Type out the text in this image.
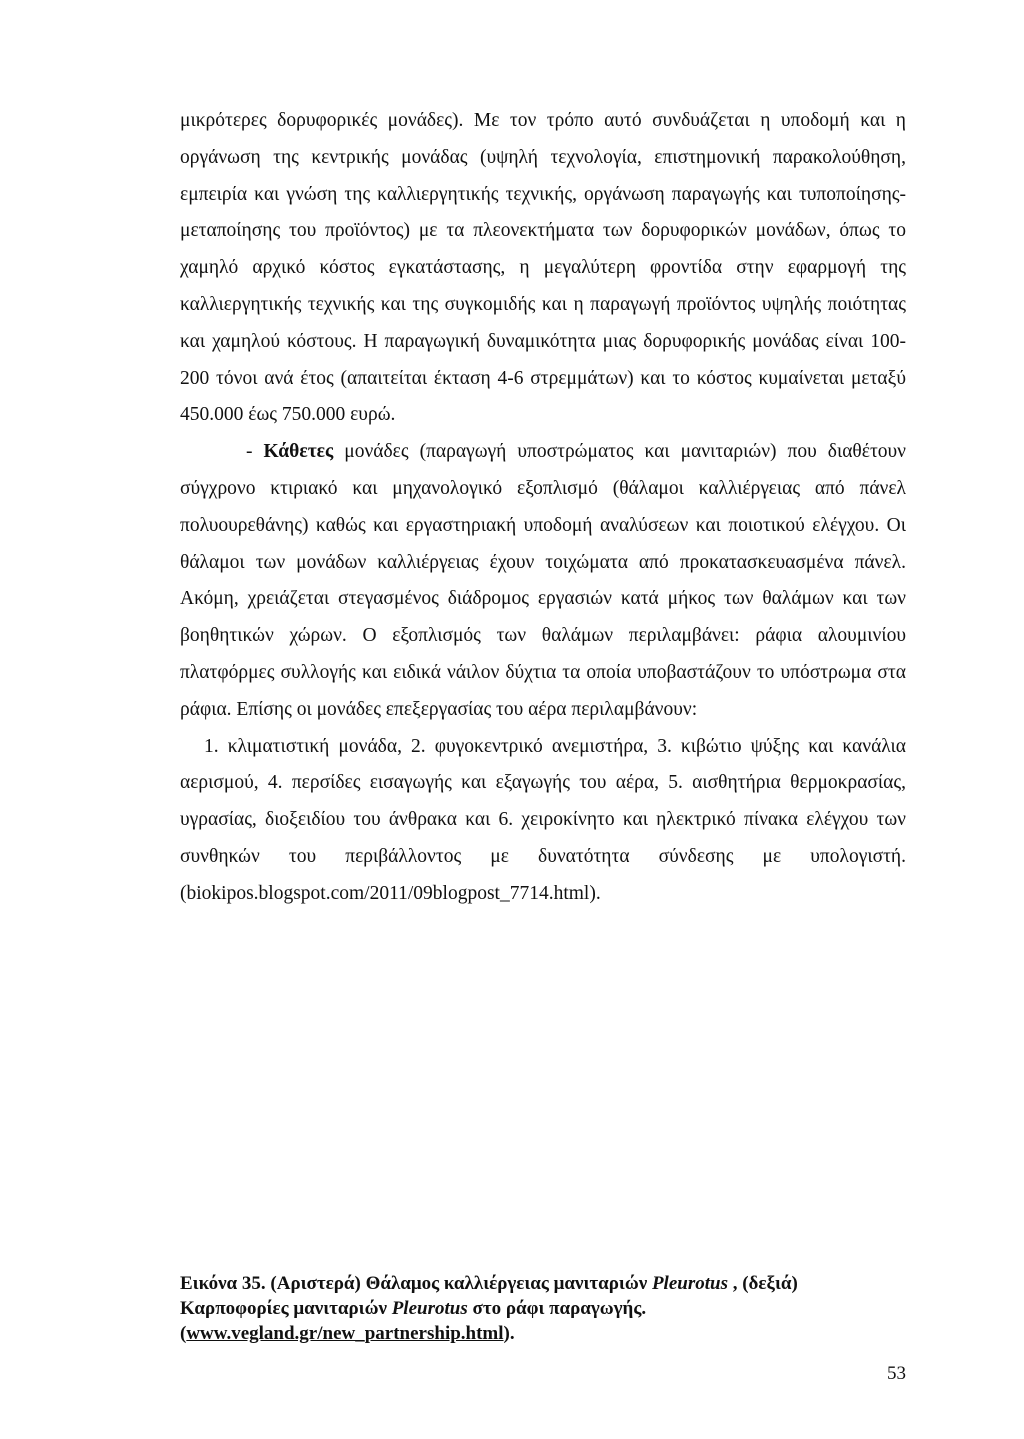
μικρότερες δορυφορικές μονάδες). Με τον τρόπο αυτό συνδυάζεται η υποδομή και η οργάνωση της κεντρικής μονάδας (υψηλή τεχνολογία, επιστημονική παρακολούθηση, εμπειρία και γνώση της καλλιεργητικής τεχνικής, οργάνωση παραγωγής και τυποποίησης-μεταποίησης του προϊόντος) με τα πλεονεκτήματα των δορυφορικών μονάδων, όπως το χαμηλό αρχικό κόστος εγκατάστασης, η μεγαλύτερη φροντίδα στην εφαρμογή της καλλιεργητικής τεχνικής και της συγκομιδής και η παραγωγή προϊόντος υψηλής ποιότητας και χαμηλού κόστους. Η παραγωγική δυναμικότητα μιας δορυφορικής μονάδας είναι 100-200 τόνοι ανά έτος (απαιτείται έκταση 4-6 στρεμμάτων) και το κόστος κυμαίνεται μεταξύ 450.000 έως 750.000 ευρώ.

- Κάθετες μονάδες (παραγωγή υποστρώματος και μανιταριών) που διαθέτουν σύγχρονο κτιριακό και μηχανολογικό εξοπλισμό (θάλαμοι καλλιέργειας από πάνελ πολυουρεθάνης) καθώς και εργαστηριακή υποδομή αναλύσεων και ποιοτικού ελέγχου. Οι θάλαμοι των μονάδων καλλιέργειας έχουν τοιχώματα από προκατασκευασμένα πάνελ. Ακόμη, χρειάζεται στεγασμένος διάδρομος εργασιών κατά μήκος των θαλάμων και των βοηθητικών χώρων. Ο εξοπλισμός των θαλάμων περιλαμβάνει: ράφια αλουμινίου πλατφόρμες συλλογής και ειδικά νάιλον δύχτια τα οποία υποβαστάζουν το υπόστρωμα στα ράφια. Επίσης οι μονάδες επεξεργασίας του αέρα περιλαμβάνουν:

1. κλιματιστική μονάδα, 2. φυγοκεντρικό ανεμιστήρα, 3. κιβώτιο ψύξης και κανάλια αερισμού, 4. περσίδες εισαγωγής και εξαγωγής του αέρα, 5. αισθητήρια θερμοκρασίας, υγρασίας, διοξειδίου του άνθρακα και 6. χειροκίνητο και ηλεκτρικό πίνακα ελέγχου των συνθηκών του περιβάλλοντος με δυνατότητα σύνδεσης με υπολογιστή. (biokipos.blogspot.com/2011/09blogpost_7714.html).

Εικόνα 35. (Αριστερά) Θάλαμος καλλιέργειας μανιταριών Pleurotus , (δεξιά)

Καρποφορίες μανιταριών Pleurotus στο ράφι παραγωγής.

(www.vegland.gr/new_partnership.html).

53
